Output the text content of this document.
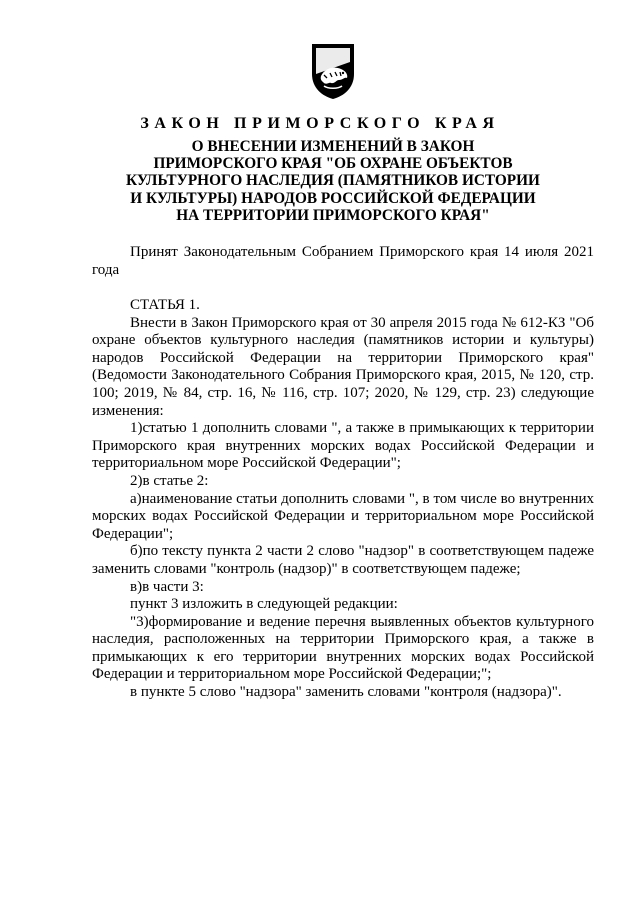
ЗАКОН ПРИМОРСКОГО КРАЯ
О ВНЕСЕНИИ ИЗМЕНЕНИЙ В ЗАКОН
ПРИМОРСКОГО КРАЯ "ОБ ОХРАНЕ ОБЪЕКТОВ
КУЛЬТУРНОГО НАСЛЕДИЯ (ПАМЯТНИКОВ ИСТОРИИ
И КУЛЬТУРЫ) НАРОДОВ РОССИЙСКОЙ ФЕДЕРАЦИИ
НА ТЕРРИТОРИИ ПРИМОРСКОГО КРАЯ"

Принят Законодательным Собранием Приморского края 14 июля 2021 года

СТАТЬЯ 1.

Внести в Закон Приморского края от 30 апреля 2015 года № 612-КЗ "Об охране объектов культурного наследия (памятников истории и культуры) народов Российской Федерации на территории Приморского края" (Ведомости Законодательного Собрания Приморского края, 2015, № 120, стр. 100; 2019, № 84, стр. 16, № 116, стр. 107; 2020, № 129, стр. 23) следующие изменения:

1)статью 1 дополнить словами ", а также в примыкающих к территории Приморского края внутренних морских водах Российской Федерации и территориальном море Российской Федерации";

2)в статье 2:

а)наименование статьи дополнить словами ", в том числе во внутренних морских водах Российской Федерации и территориальном море Российской Федерации";

б)по тексту пункта 2 части 2 слово "надзор" в соответствующем падеже заменить словами "контроль (надзор)" в соответствующем падеже;

в)в части 3:

пункт 3 изложить в следующей редакции:

"3)формирование и ведение перечня выявленных объектов культурного наследия, расположенных на территории Приморского края, а также в примыкающих к его территории внутренних морских водах Российской Федерации и территориальном море Российской Федерации;";

в пункте 5 слово "надзора" заменить словами "контроля (надзора)".
